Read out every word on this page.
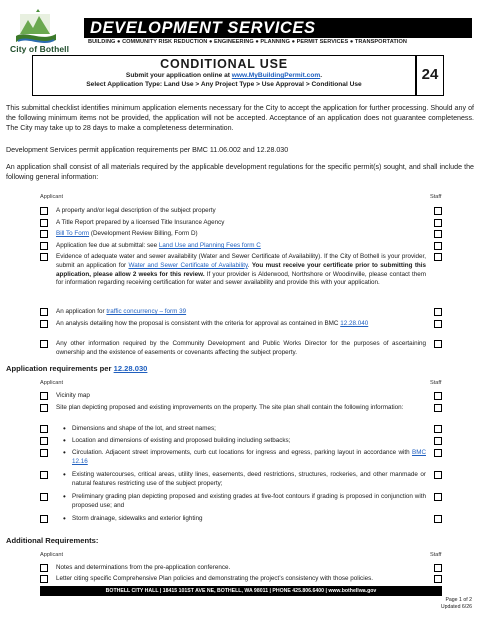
City of Bothell
DEVELOPMENT SERVICES
BUILDING ● COMMUNITY RISK REDUCTION ● ENGINEERING ● PLANNING ● PERMIT SERVICES ● TRANSPORTATION
CONDITIONAL USE
Submit your application online at www.MyBuildingPermit.com.
Select Application Type: Land Use > Any Project Type > Use Approval > Conditional Use
24
This submittal checklist identifies minimum application elements necessary for the City to accept the application for further processing. Should any of the following minimum items not be provided, the application will not be accepted. Acceptance of an application does not guarantee completeness. The City may take up to 28 days to make a completeness determination.
Development Services permit application requirements per BMC 11.06.002 and 12.28.030
An application shall consist of all materials required by the applicable development regulations for the specific permit(s) sought, and shall include the following general information:
Applicant	Staff
A property and/or legal description of the subject property
A Title Report prepared by a licensed Title Insurance Agency
Bill To Form (Development Review Billing, Form D)
Application fee due at submittal: see Land Use and Planning Fees form C
Evidence of adequate water and sewer availability (Water and Sewer Certificate of Availability). If the City of Bothell is your provider, submit an application for Water and Sewer Certificate of Availability. You must receive your certificate prior to submitting this application, please allow 2 weeks for this review. If your provider is Alderwood, Northshore or Woodinville, please contact them for information regarding receiving certification for water and sewer availability and provide this with your application.
An application for traffic concurrency – form 39
An analysis detailing how the proposal is consistent with the criteria for approval as contained in BMC 12.28.040
Any other information required by the Community Development and Public Works Director for the purposes of ascertaining ownership and the existence of easements or covenants affecting the subject property.
Application requirements per 12.28.030
Applicant	Staff
Vicinity map
Site plan depicting proposed and existing improvements on the property. The site plan shall contain the following information:
• Dimensions and shape of the lot, and street names;
• Location and dimensions of existing and proposed building including setbacks;
• Circulation. Adjacent street improvements, curb cut locations for ingress and egress, parking layout in accordance with BMC 12.16
• Existing watercourses, critical areas, utility lines, easements, deed restrictions, structures, rockeries, and other manmade or natural features restricting use of the subject property;
• Preliminary grading plan depicting proposed and existing grades at five-foot contours if grading is proposed in conjunction with proposed use; and
• Storm drainage, sidewalks and exterior lighting
Additional Requirements:
Applicant	Staff
Notes and determinations from the pre-application conference.
Letter citing specific Comprehensive Plan policies and demonstrating the project’s consistency with those policies.
BOTHELL CITY HALL | 18415 101ST AVE NE, BOTHELL, WA 98011 | PHONE 425.806.6400 | www.bothellwa.gov
Page 1 of 2
Updated 6/26
